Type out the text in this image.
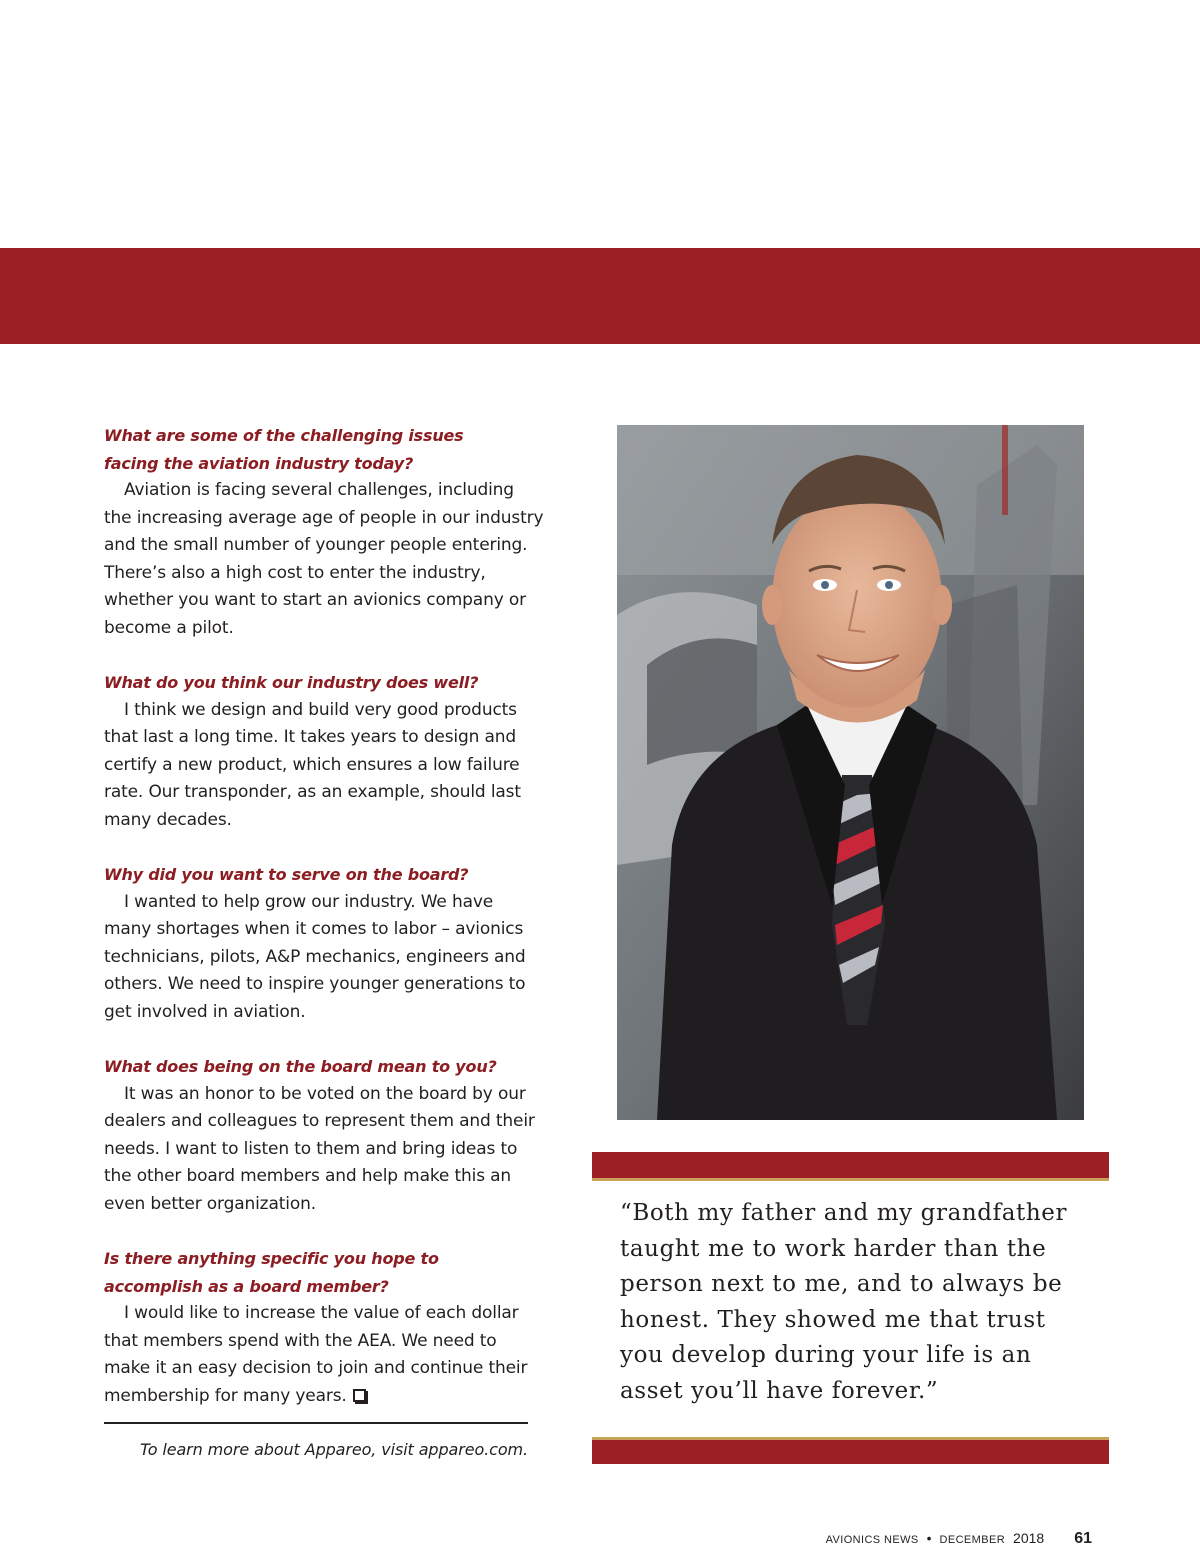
What are some of the challenging issues
facing the aviation industry today?
Aviation is facing several challenges, including the increasing average age of people in our industry and the small number of younger people entering. There’s also a high cost to enter the industry, whether you want to start an avionics company or become a pilot.
What do you think our industry does well?
I think we design and build very good products that last a long time. It takes years to design and certify a new product, which ensures a low failure rate. Our transponder, as an example, should last many decades.
Why did you want to serve on the board?
I wanted to help grow our industry. We have many shortages when it comes to labor – avionics technicians, pilots, A&P mechanics, engineers and others. We need to inspire younger generations to get involved in aviation.
What does being on the board mean to you?
It was an honor to be voted on the board by our dealers and colleagues to represent them and their needs. I want to listen to them and bring ideas to the other board members and help make this an even better organization.
Is there anything specific you hope to
accomplish as a board member?
I would like to increase the value of each dollar that members spend with the AEA. We need to make it an easy decision to join and continue their membership for many years.
To learn more about Appareo, visit appareo.com.
“Both my father and my grandfather taught me to work harder than the person next to me, and to always be honest. They showed me that trust you develop during your life is an asset you’ll have forever.”
AVIONICS NEWS • DECEMBER 2018 61
